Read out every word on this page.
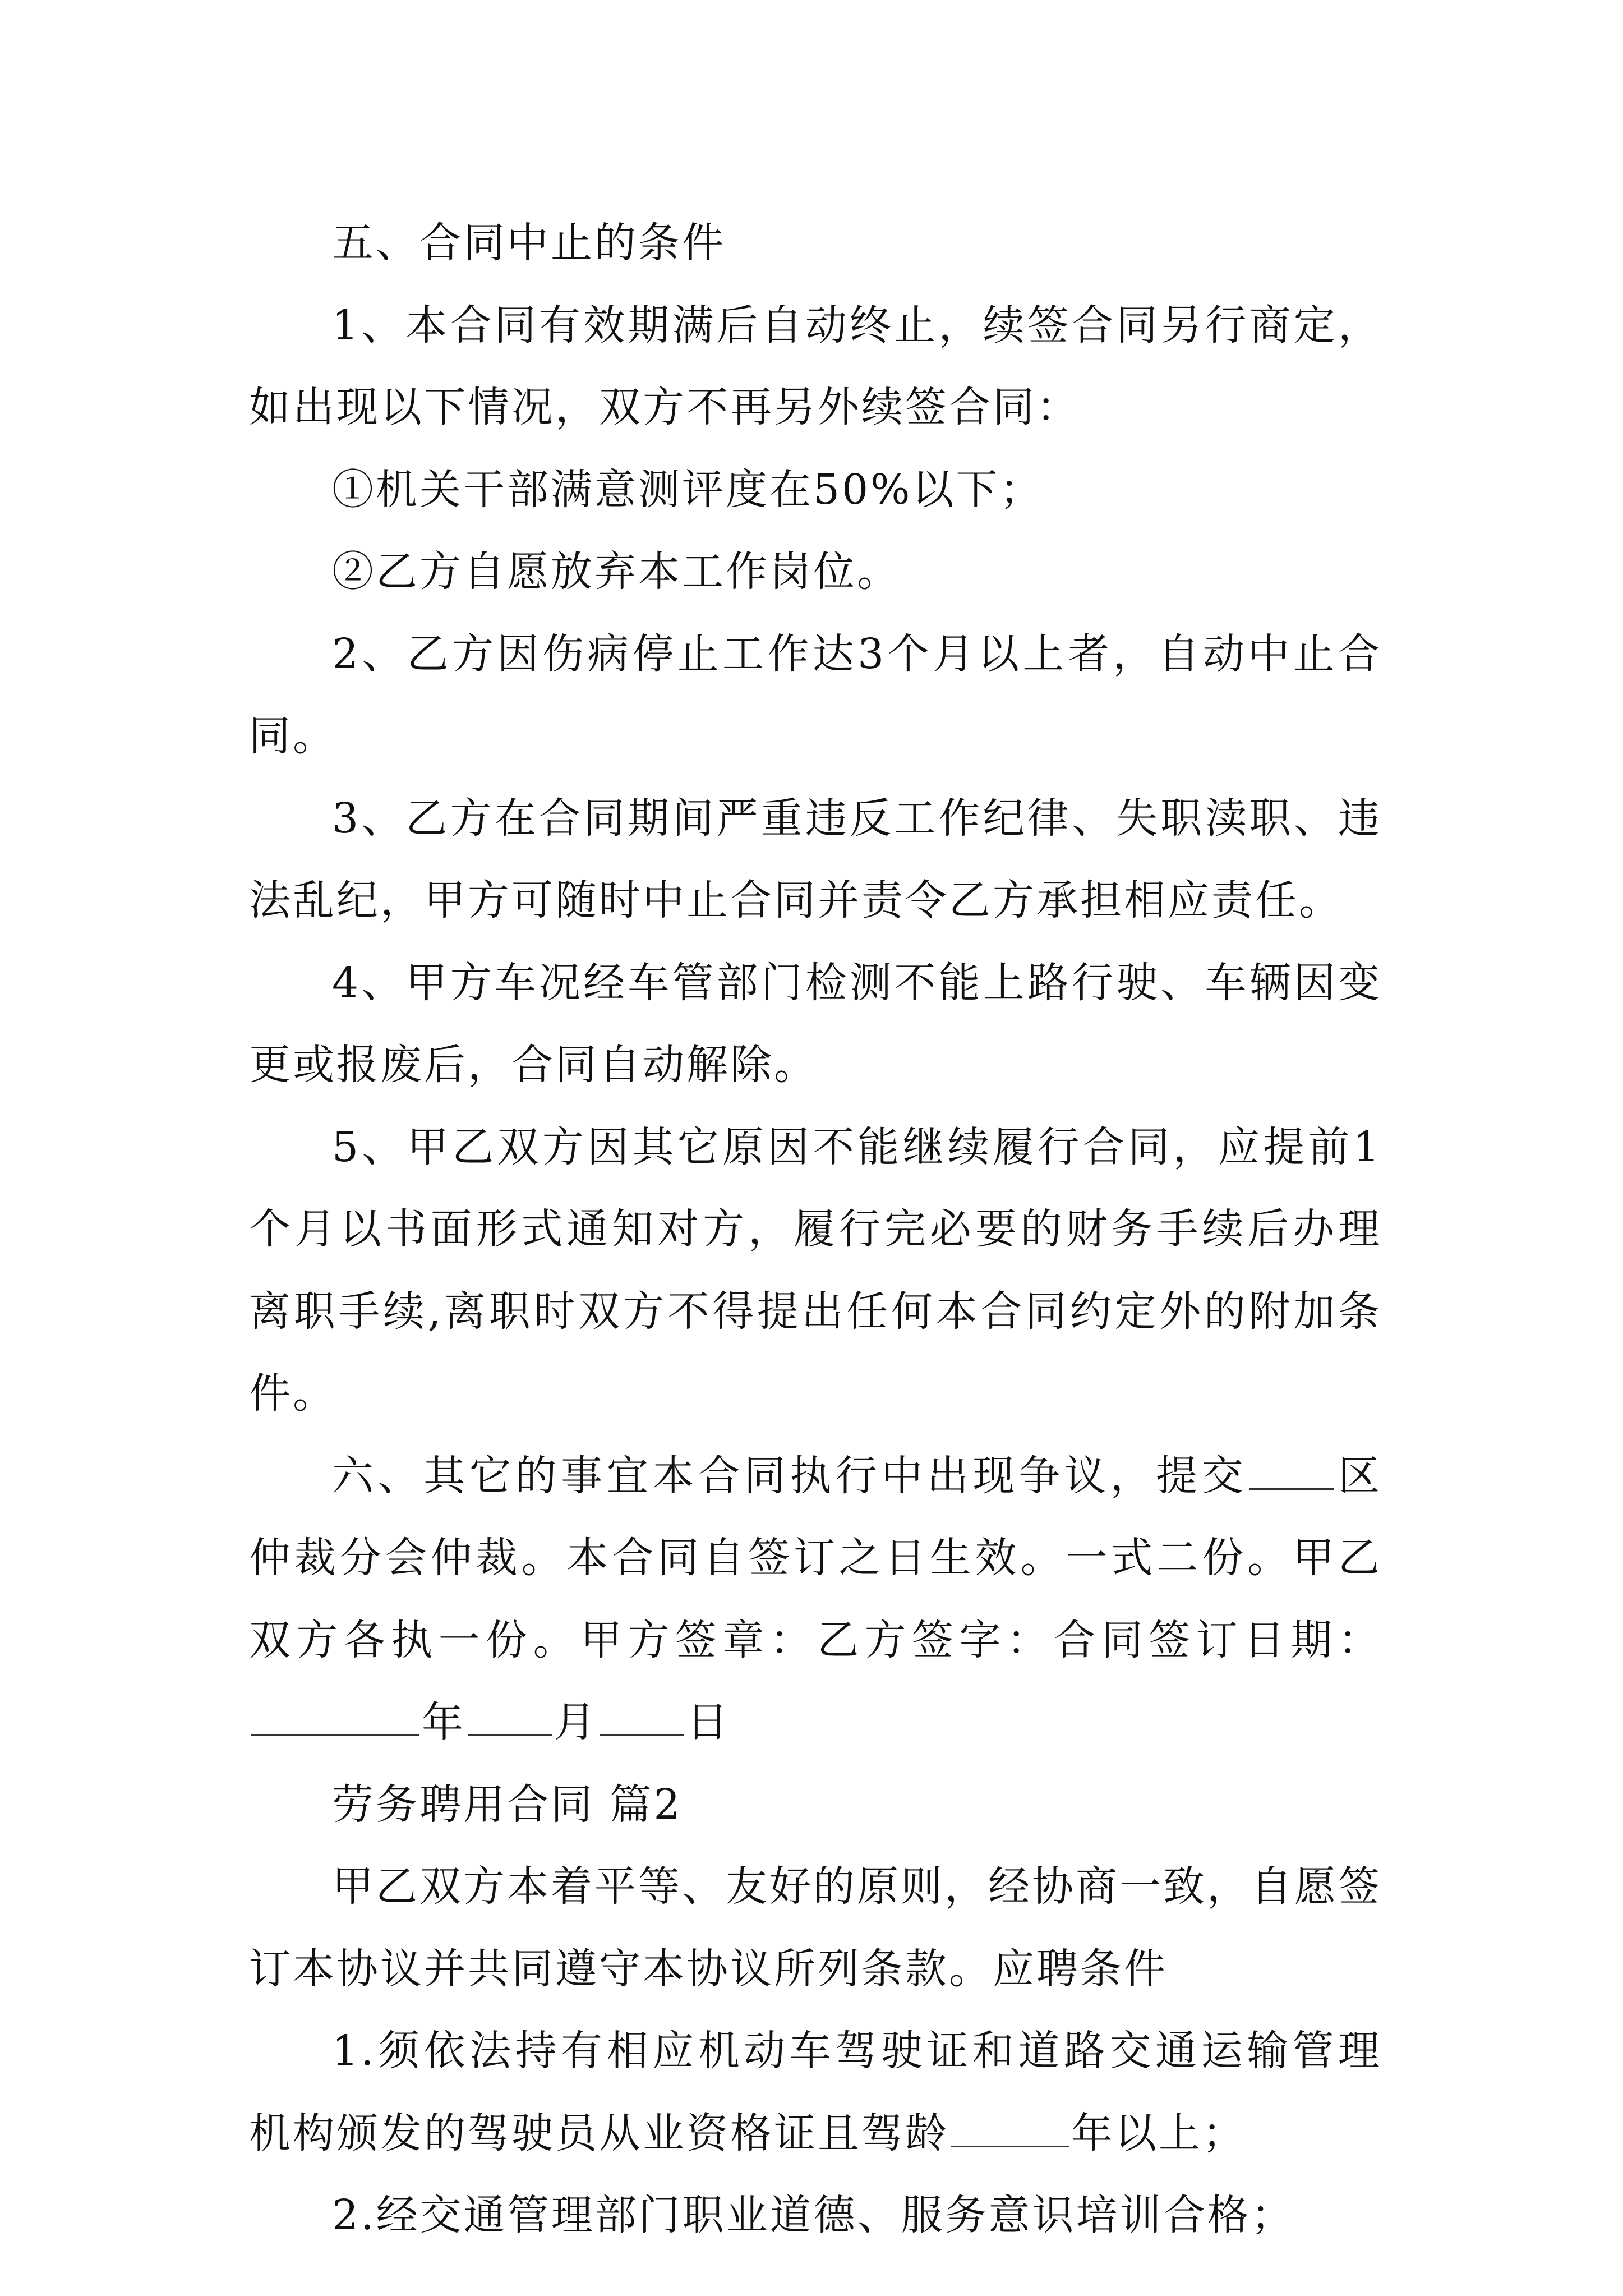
五、合同中止的条件

1、本合同有效期满后自动终止，续签合同另行商定，如出现以下情况，双方不再另外续签合同：

①机关干部满意测评度在50%以下；

②乙方自愿放弃本工作岗位。

2、乙方因伤病停止工作达3个月以上者，自动中止合同。

3、乙方在合同期间严重违反工作纪律、失职渎职、违法乱纪，甲方可随时中止合同并责令乙方承担相应责任。

4、甲方车况经车管部门检测不能上路行驶、车辆因变更或报废后，合同自动解除。

5、甲乙双方因其它原因不能继续履行合同，应提前1个月以书面形式通知对方，履行完必要的财务手续后办理离职手续,离职时双方不得提出任何本合同约定外的附加条件。

六、其它的事宜本合同执行中出现争议，提交 区仲裁分会仲裁。本合同自签订之日生效。一式二份。甲乙双方各执一份。甲方签章：乙方签字：合同签订日期：年 月 日

劳务聘用合同 篇2

甲乙双方本着平等、友好的原则，经协商一致，自愿签订本协议并共同遵守本协议所列条款。应聘条件

1.须依法持有相应机动车驾驶证和道路交通运输管理机构颁发的驾驶员从业资格证且驾龄	年以上；

2.经交通管理部门职业道德、服务意识培训合格；
